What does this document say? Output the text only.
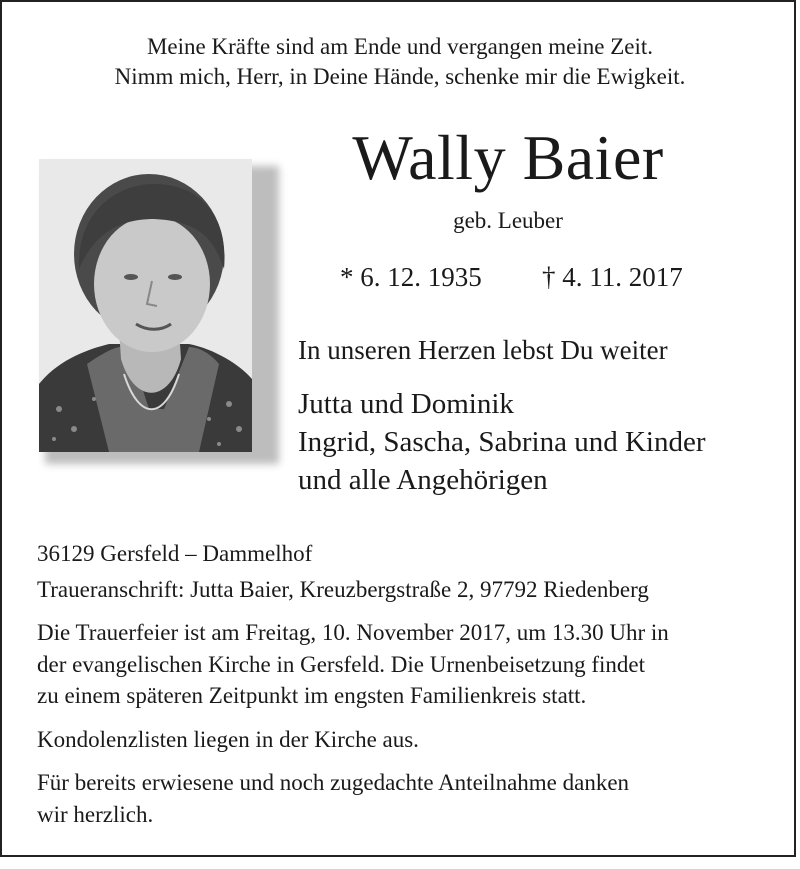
Meine Kräfte sind am Ende und vergangen meine Zeit.
Nimm mich, Herr, in Deine Hände, schenke mir die Ewigkeit.
Wally Baier
geb. Leuber
* 6. 12. 1935 † 4. 11. 2017
In unseren Herzen lebst Du weiter
Jutta und Dominik
Ingrid, Sascha, Sabrina und Kinder
und alle Angehörigen
36129 Gersfeld – Dammelhof
Traueranschrift: Jutta Baier, Kreuzbergstraße 2, 97792 Riedenberg
Die Trauerfeier ist am Freitag, 10. November 2017, um 13.30 Uhr in
der evangelischen Kirche in Gersfeld. Die Urnenbeisetzung findet
zu einem späteren Zeitpunkt im engsten Familienkreis statt.
Kondolenzlisten liegen in der Kirche aus.
Für bereits erwiesene und noch zugedachte Anteilnahme danken
wir herzlich.
